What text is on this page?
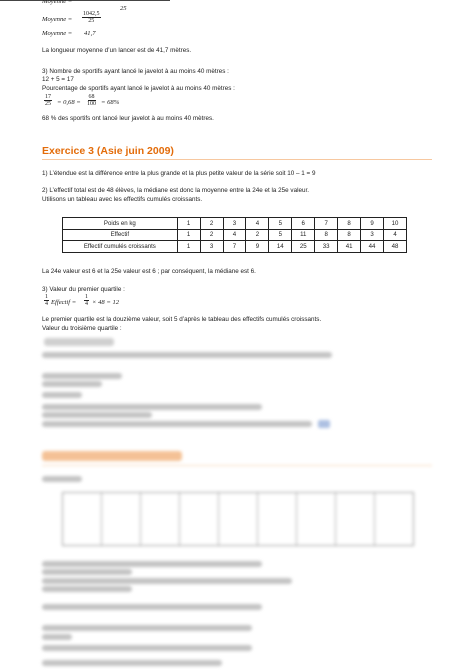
Moyenne =
25
Moyenne = $\frac{1042,5}{25}$
Moyenne = 41,7
La longueur moyenne d’un lancer est de 41,7 mètres.
3) Nombre de sportifs ayant lancé le javelot à au moins 40 mètres :
12 + 5 = 17
Pourcentage de sportifs ayant lancé le javelot à au moins 40 mètres :
$\frac{17}{25} = 0,68 = \frac{68}{100} = 68\%$
68 % des sportifs ont lancé leur javelot à au moins 40 mètres.
Exercice 3 (Asie juin 2009)
1) L’étendue est la différence entre la plus grande et la plus petite valeur de la série soit 10 – 1 = 9
2) L’effectif total est de 48 élèves, la médiane est donc la moyenne entre la 24e et la 25e valeur.
Utilisons un tableau avec les effectifs cumulés croissants.
Poids en kg	1	2	3	4	5	6	7	8	9	10
Effectif	1	2	4	2	5	11	8	8	3	4
Effectif cumulés croissants	1	3	7	9	14	25	33	41	44	48
La 24e valeur est 6 et la 25e valeur est 6 ; par conséquent, la médiane est 6.
3) Valeur du premier quartile :
$\frac{1}{4}$ Effectif = $\frac{1}{4} \times 48 = 12$
Le premier quartile est la douzième valeur, soit 5 d’après le tableau des effectifs cumulés croissants.
Valeur du troisième quartile :
